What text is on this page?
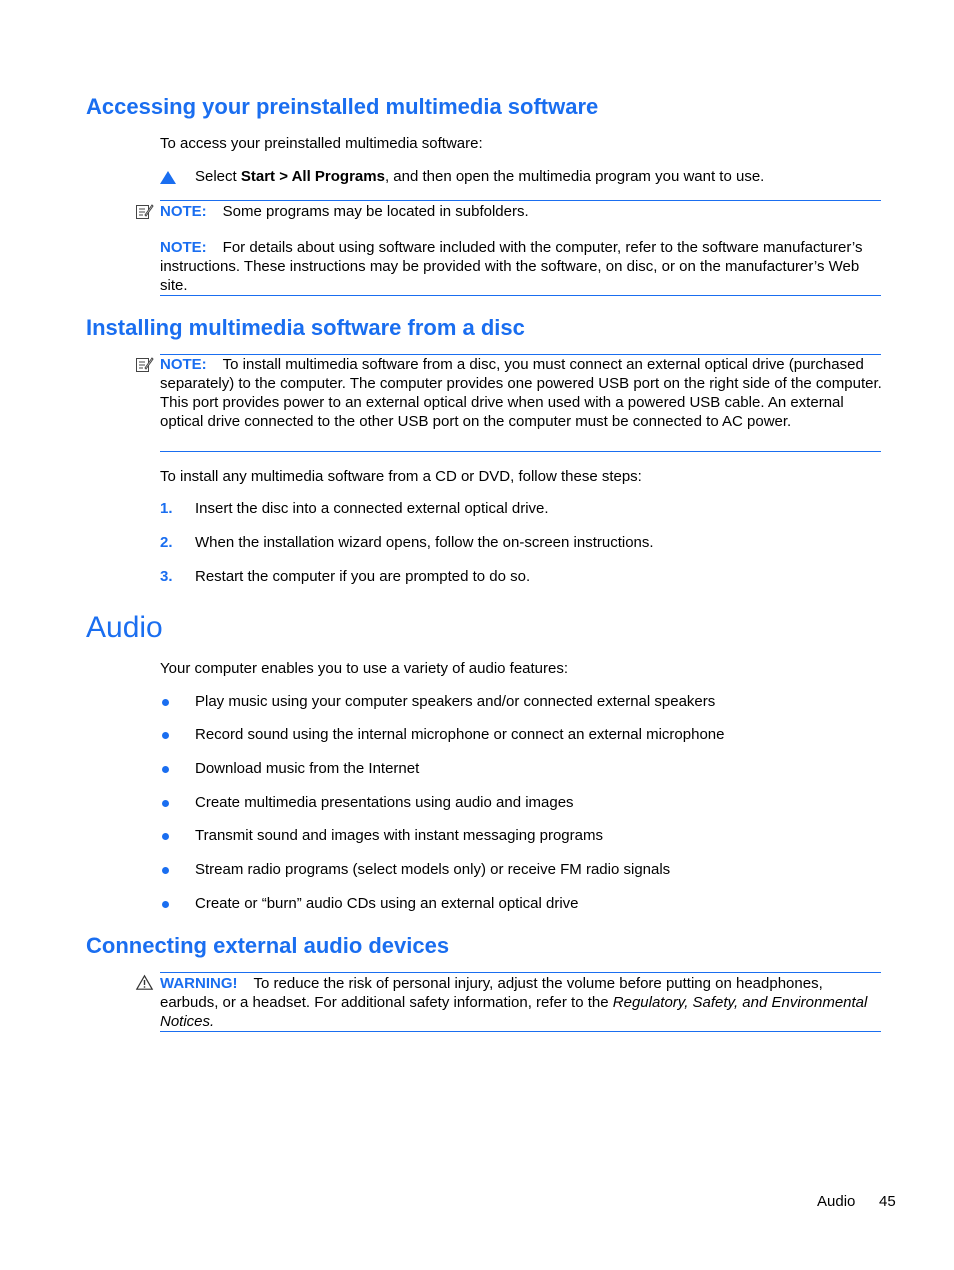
Accessing your preinstalled multimedia software
To access your preinstalled multimedia software:
Select Start > All Programs, and then open the multimedia program you want to use.
NOTE: Some programs may be located in subfolders.
NOTE: For details about using software included with the computer, refer to the software manufacturer’s instructions. These instructions may be provided with the software, on disc, or on the manufacturer’s Web site.
Installing multimedia software from a disc
NOTE: To install multimedia software from a disc, you must connect an external optical drive (purchased separately) to the computer. The computer provides one powered USB port on the right side of the computer. This port provides power to an external optical drive when used with a powered USB cable. An external optical drive connected to the other USB port on the computer must be connected to AC power.
To install any multimedia software from a CD or DVD, follow these steps:
1. Insert the disc into a connected external optical drive.
2. When the installation wizard opens, follow the on-screen instructions.
3. Restart the computer if you are prompted to do so.
Audio
Your computer enables you to use a variety of audio features:
Play music using your computer speakers and/or connected external speakers
Record sound using the internal microphone or connect an external microphone
Download music from the Internet
Create multimedia presentations using audio and images
Transmit sound and images with instant messaging programs
Stream radio programs (select models only) or receive FM radio signals
Create or “burn” audio CDs using an external optical drive
Connecting external audio devices
WARNING! To reduce the risk of personal injury, adjust the volume before putting on headphones, earbuds, or a headset. For additional safety information, refer to the Regulatory, Safety, and Environmental Notices.
Audio 45
